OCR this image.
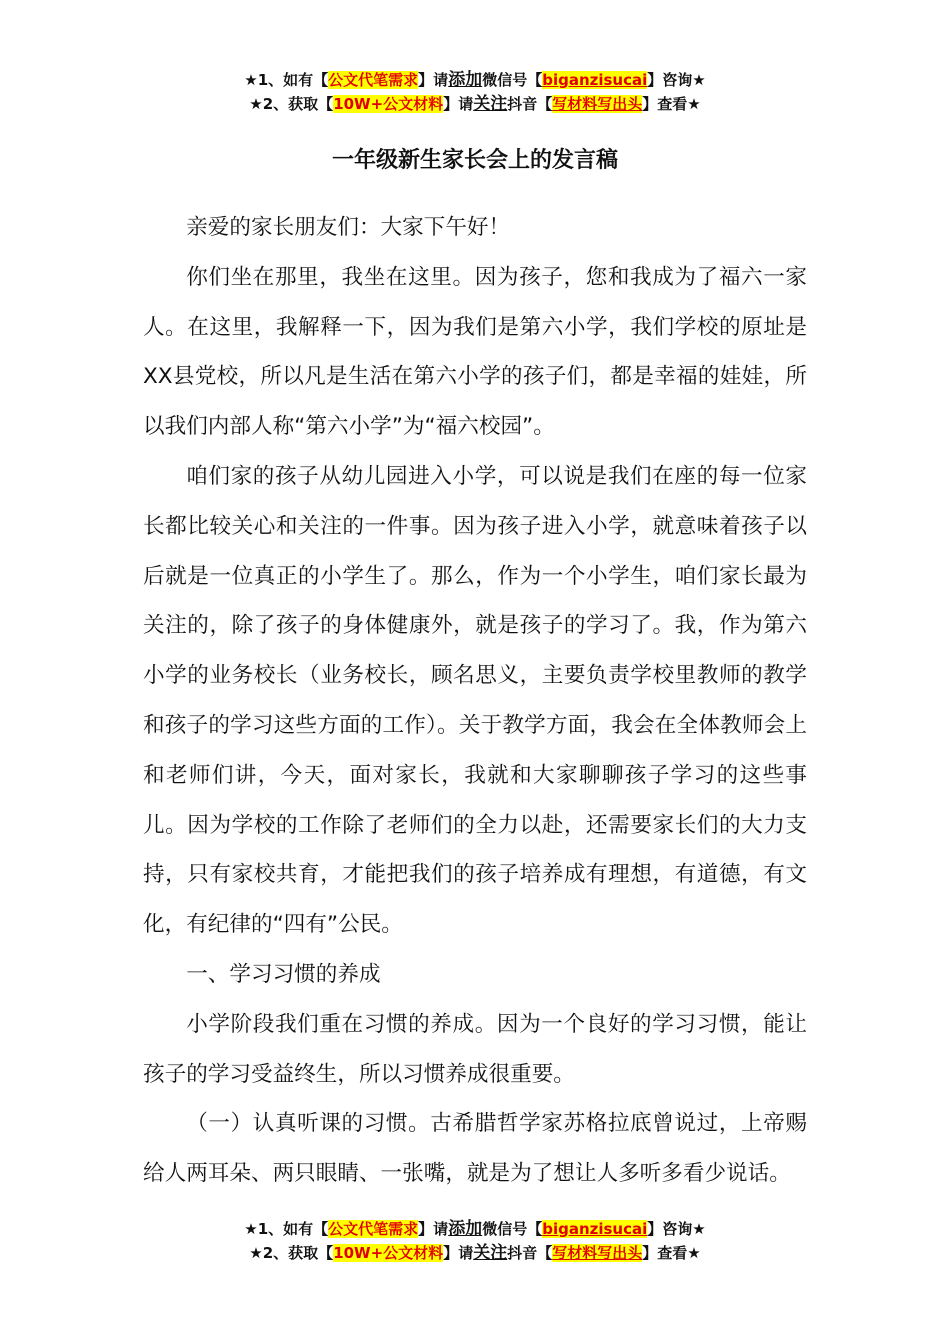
★1、如有【公文代笔需求】请添加微信号【biganzisucai】咨询★
★2、获取【10W+公文材料】请关注抖音【写材料写出头】查看★
一年级新生家长会上的发言稿

亲爱的家长朋友们：大家下午好！

你们坐在那里，我坐在这里。因为孩子，您和我成为了福六一家人。在这里，我解释一下，因为我们是第六小学，我们学校的原址是XX县党校，所以凡是生活在第六小学的孩子们，都是幸福的娃娃，所以我们内部人称“第六小学”为“福六校园”。

咱们家的孩子从幼儿园进入小学，可以说是我们在座的每一位家长都比较关心和关注的一件事。因为孩子进入小学，就意味着孩子以后就是一位真正的小学生了。那么，作为一个小学生，咱们家长最为关注的，除了孩子的身体健康外，就是孩子的学习了。我，作为第六小学的业务校长（业务校长，顾名思义，主要负责学校里教师的教学和孩子的学习这些方面的工作）。关于教学方面，我会在全体教师会上和老师们讲，今天，面对家长，我就和大家聊聊孩子学习的这些事儿。因为学校的工作除了老师们的全力以赴，还需要家长们的大力支持，只有家校共育，才能把我们的孩子培养成有理想，有道德，有文化，有纪律的“四有”公民。

一、学习习惯的养成

小学阶段我们重在习惯的养成。因为一个良好的学习习惯，能让孩子的学习受益终生，所以习惯养成很重要。

（一）认真听课的习惯。古希腊哲学家苏格拉底曾说过，上帝赐给人两耳朵、两只眼睛、一张嘴，就是为了想让人多听多看少说话。

★1、如有【公文代笔需求】请添加微信号【biganzisucai】咨询★
★2、获取【10W+公文材料】请关注抖音【写材料写出头】查看★
